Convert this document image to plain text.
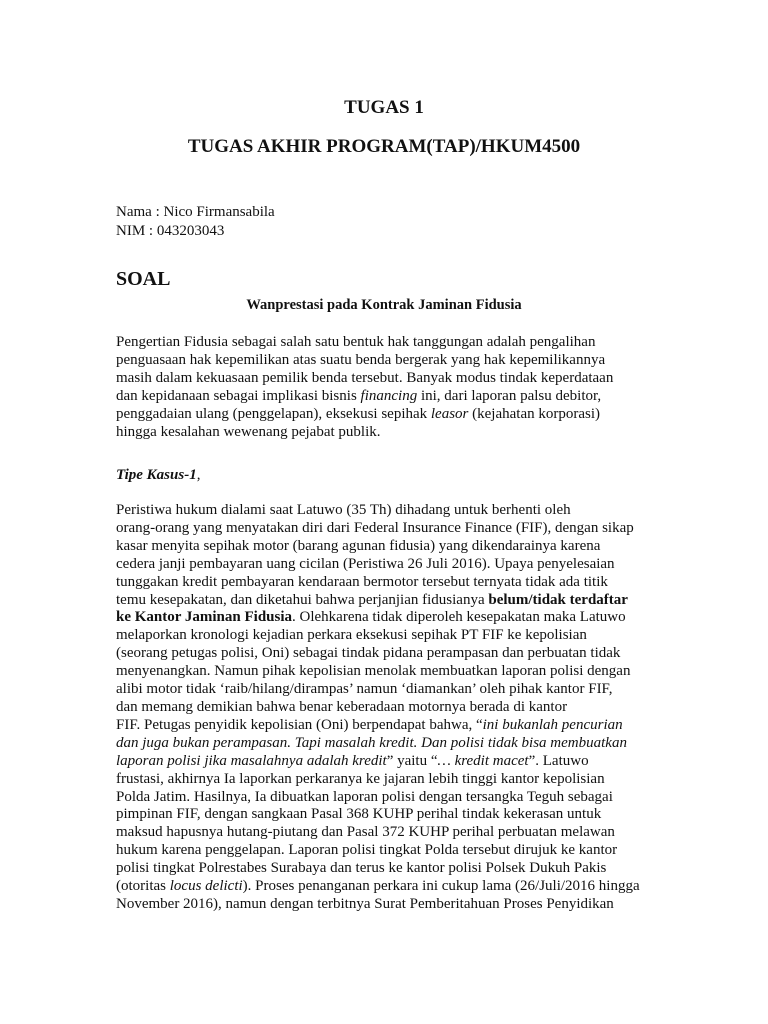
TUGAS 1
TUGAS AKHIR PROGRAM(TAP)/HKUM4500
Nama : Nico Firmansabila
NIM : 043203043
SOAL
Wanprestasi pada Kontrak Jaminan Fidusia
Pengertian Fidusia sebagai salah satu bentuk hak tanggungan adalah pengalihan
penguasaan hak kepemilikan atas suatu benda bergerak yang hak kepemilikannya
masih dalam kekuasaan pemilik benda tersebut. Banyak modus tindak keperdataan
dan kepidanaan sebagai implikasi bisnis financing ini, dari laporan palsu debitor,
penggadaian ulang (penggelapan), eksekusi sepihak leasor (kejahatan korporasi)
hingga kesalahan wewenang pejabat publik.
Tipe Kasus-1,
Peristiwa hukum dialami saat Latuwo (35 Th) dihadang untuk berhenti oleh
orang-orang yang menyatakan diri dari Federal Insurance Finance (FIF), dengan sikap
kasar menyita sepihak motor (barang agunan fidusia) yang dikendarainya karena
cedera janji pembayaran uang cicilan (Peristiwa 26 Juli 2016). Upaya penyelesaian
tunggakan kredit pembayaran kendaraan bermotor tersebut ternyata tidak ada titik
temu kesepakatan, dan diketahui bahwa perjanjian fidusianya belum/tidak terdaftar
ke Kantor Jaminan Fidusia. Olehkarena tidak diperoleh kesepakatan maka Latuwo
melaporkan kronologi kejadian perkara eksekusi sepihak PT FIF ke kepolisian
(seorang petugas polisi, Oni) sebagai tindak pidana perampasan dan perbuatan tidak
menyenangkan. Namun pihak kepolisian menolak membuatkan laporan polisi dengan
alibi motor tidak ‘raib/hilang/dirampas’ namun ‘diamankan’ oleh pihak kantor FIF,
dan memang demikian bahwa benar keberadaan motornya berada di kantor
FIF. Petugas penyidik kepolisian (Oni) berpendapat bahwa, “ini bukanlah pencurian
dan juga bukan perampasan. Tapi masalah kredit. Dan polisi tidak bisa membuatkan
laporan polisi jika masalahnya adalah kredit” yaitu “… kredit macet”. Latuwo
frustasi, akhirnya Ia laporkan perkaranya ke jajaran lebih tinggi kantor kepolisian
Polda Jatim. Hasilnya, Ia dibuatkan laporan polisi dengan tersangka Teguh sebagai
pimpinan FIF, dengan sangkaan Pasal 368 KUHP perihal tindak kekerasan untuk
maksud hapusnya hutang-piutang dan Pasal 372 KUHP perihal perbuatan melawan
hukum karena penggelapan. Laporan polisi tingkat Polda tersebut dirujuk ke kantor
polisi tingkat Polrestabes Surabaya dan terus ke kantor polisi Polsek Dukuh Pakis
(otoritas locus delicti). Proses penanganan perkara ini cukup lama (26/Juli/2016 hingga
November 2016), namun dengan terbitnya Surat Pemberitahuan Proses Penyidikan
